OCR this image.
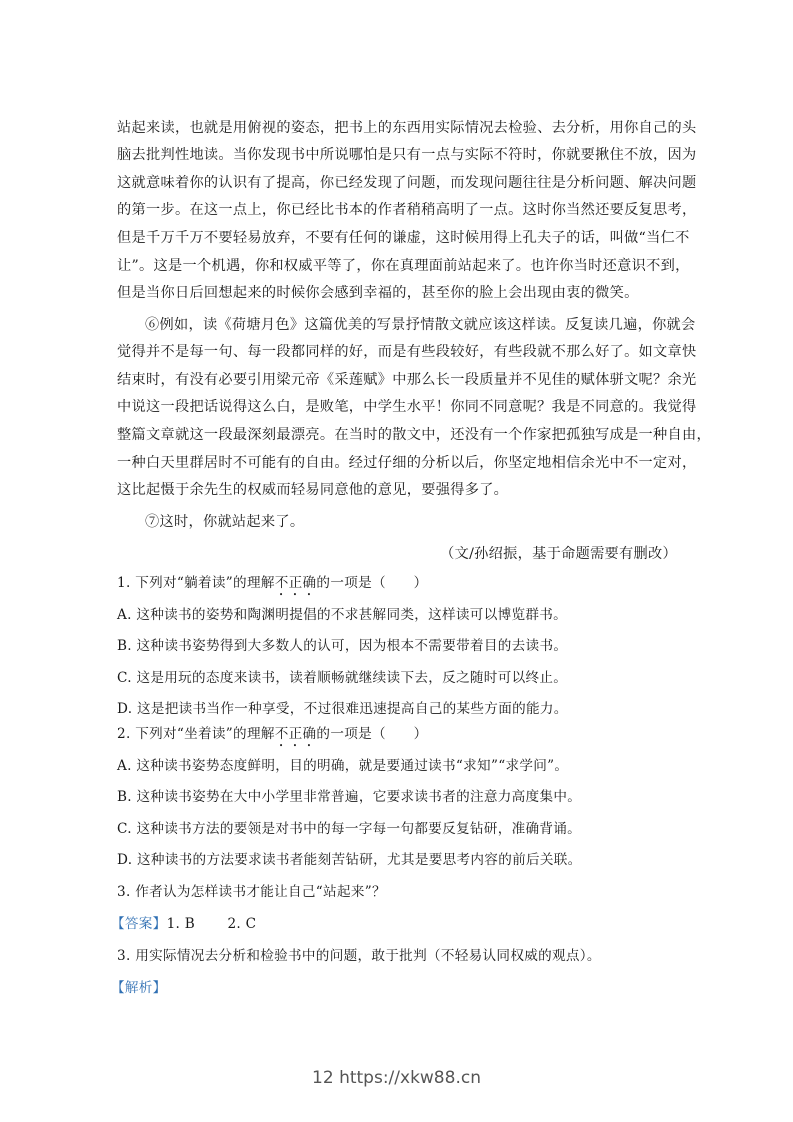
站起来读，也就是用俯视的姿态，把书上的东西用实际情况去检验、去分析，用你自己的头
脑去批判性地读。当你发现书中所说哪怕是只有一点与实际不符时，你就要揪住不放，因为
这就意味着你的认识有了提高，你已经发现了问题，而发现问题往往是分析问题、解决问题
的第一步。在这一点上，你已经比书本的作者稍稍高明了一点。这时你当然还要反复思考，
但是千万千万不要轻易放弃，不要有任何的谦虚，这时候用得上孔夫子的话，叫做“当仁不
让”。这是一个机遇，你和权威平等了，你在真理面前站起来了。也许你当时还意识不到，
但是当你日后回想起来的时候你会感到幸福的，甚至你的脸上会出现由衷的微笑。
⑥例如，读《荷塘月色》这篇优美的写景抒情散文就应该这样读。反复读几遍，你就会
觉得并不是每一句、每一段都同样的好，而是有些段较好，有些段就不那么好了。如文章快
结束时，有没有必要引用梁元帝《采莲赋》中那么长一段质量并不见佳的赋体骈文呢？余光
中说这一段把话说得这么白，是败笔，中学生水平！你同不同意呢？我是不同意的。我觉得
整篇文章就这一段最深刻最漂亮。在当时的散文中，还没有一个作家把孤独写成是一种自由，
一种白天里群居时不可能有的自由。经过仔细的分析以后，你坚定地相信余光中不一定对，
这比起慑于余先生的权威而轻易同意他的意见，要强得多了。
⑦这时，你就站起来了。
（文/孙绍振，基于命题需要有删改）
1. 下列对“躺着读”的理解不正确的一项是（　　）
A. 这种读书的姿势和陶渊明提倡的不求甚解同类，这样读可以博览群书。
B. 这种读书姿势得到大多数人的认可，因为根本不需要带着目的去读书。
C. 这是用玩的态度来读书，读着顺畅就继续读下去，反之随时可以终止。
D. 这是把读书当作一种享受，不过很难迅速提高自己的某些方面的能力。
2. 下列对“坐着读”的理解不正确的一项是（　　）
A. 这种读书姿势态度鲜明，目的明确，就是要通过读书“求知”“求学问”。
B. 这种读书姿势在大中小学里非常普遍，它要求读书者的注意力高度集中。
C. 这种读书方法的要领是对书中的每一字每一句都要反复钻研，准确背诵。
D. 这种读书的方法要求读书者能刻苦钻研，尤其是要思考内容的前后关联。
3. 作者认为怎样读书才能让自己“站起来”？
【答案】1. B　　 2. C
3. 用实际情况去分析和检验书中的问题，敢于批判（不轻易认同权威的观点）。
【解析】
12 https://xkw88.cn
